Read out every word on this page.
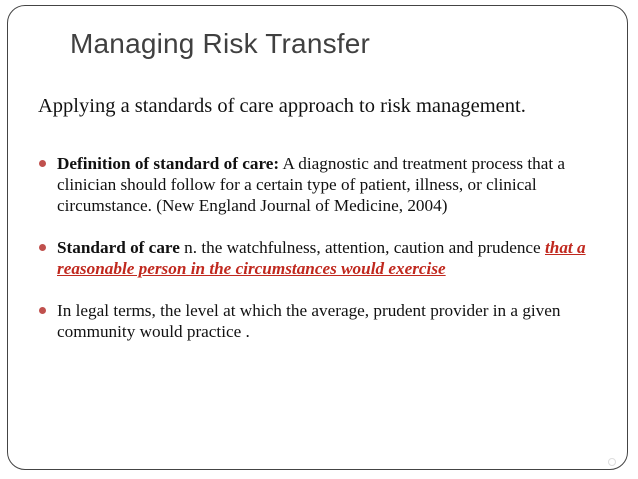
Managing Risk Transfer
Applying a standards of care approach to risk management.
Definition of standard of care: A diagnostic and treatment process that a clinician should follow for a certain type of patient, illness, or clinical circumstance. (New England Journal of Medicine, 2004)
Standard of care n. the watchfulness, attention, caution and prudence that a reasonable person in the circumstances would exercise
In legal terms, the level at which the average, prudent provider in a given community would practice .
